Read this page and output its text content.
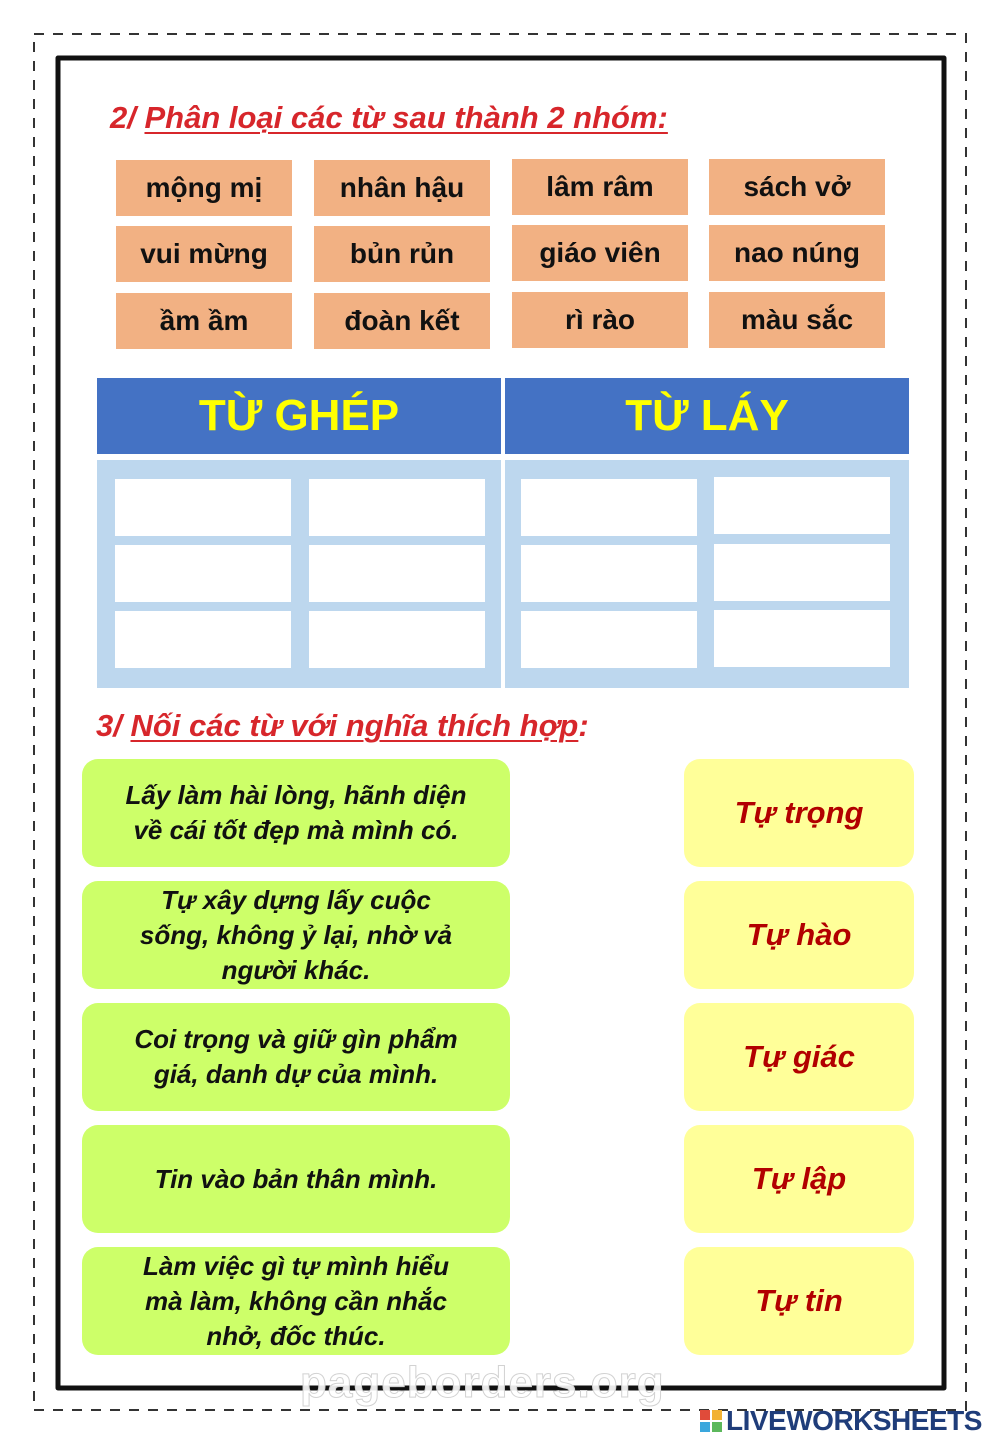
2/ Phân loại các từ sau thành 2 nhóm:

mộng mị	nhân hậu	lâm râm	sách vở
vui mừng	bủn rủn	giáo viên	nao núng
ầm ầm	đoàn kết	rì rào	màu sắc
TỪ GHÉP	TỪ LÁY

3/ Nối các từ với nghĩa thích hợp:

Lấy làm hài lòng, hãnh diện
về cái tốt đẹp mà mình có.
Tự xây dựng lấy cuộc
sống, không ỷ lại, nhờ vả
người khác.
Coi trọng và giữ gìn phẩm
giá, danh dự của mình.
Tin vào bản thân mình.
Làm việc gì tự mình hiểu
mà làm, không cần nhắc
nhở, đốc thúc.
Tự trọng
Tự hào
Tự giác
Tự lập
Tự tin

pageborders.org

LIVEWORKSHEETS
